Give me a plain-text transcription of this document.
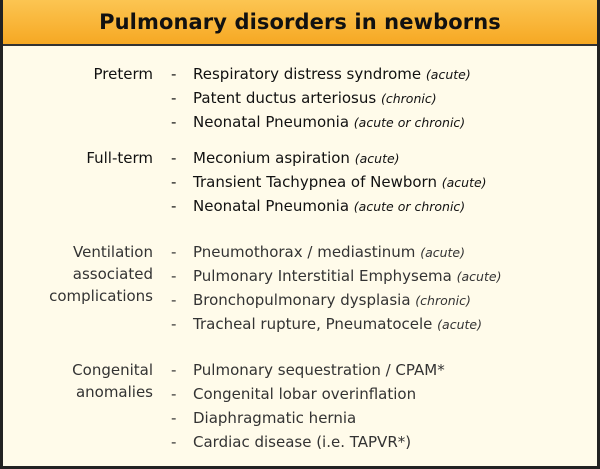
Pulmonary disorders in newborns
Preterm - Respiratory distress syndrome (acute)
- Patent ductus arteriosus (chronic)
- Neonatal Pneumonia (acute or chronic)
Full-term - Meconium aspiration (acute)
- Transient Tachypnea of Newborn (acute)
- Neonatal Pneumonia (acute or chronic)
Ventilation
associated
complications
- Pneumothorax / mediastinum (acute)
- Pulmonary Interstitial Emphysema (acute)
- Bronchopulmonary dysplasia (chronic)
- Tracheal rupture, Pneumatocele (acute)
Congenital
anomalies
- Pulmonary sequestration / CPAM*
- Congenital lobar overinflation
- Diaphragmatic hernia
- Cardiac disease (i.e. TAPVR*)
